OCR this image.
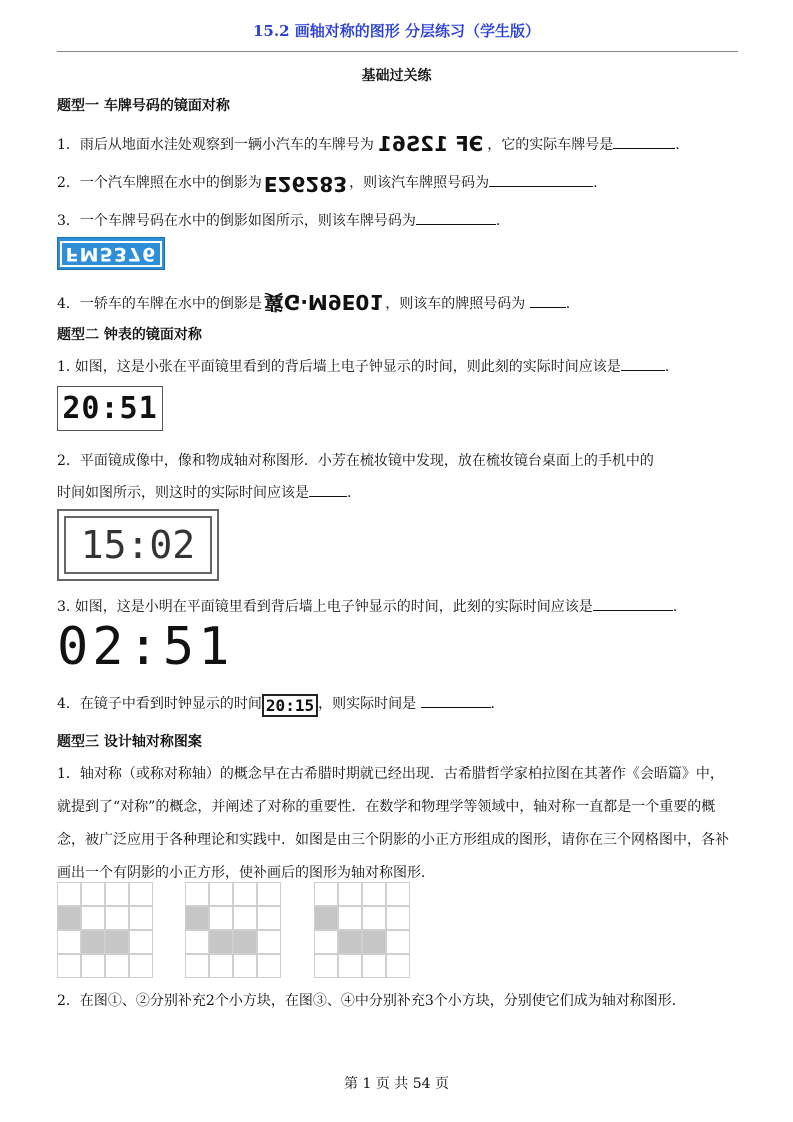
15.2 画轴对称的图形 分层练习（学生版）
基础过关练
题型一 车牌号码的镜面对称
1．雨后从地面水洼处观察到一辆小汽车的车牌号为 ЭF 12S61 ，它的实际车牌号是	.
2．一个汽车牌照在水中的倒影为 E26283 ，则该汽车牌照号码为	.
3．一个车牌号码在水中的倒影如图所示，则该车牌号码为	.
FM5376
4．一轿车的车牌在水中的倒影是 冀G·M9E01 ，则该车的牌照号码为	.
题型二 钟表的镜面对称
1. 如图，这是小张在平面镜里看到的背后墙上电子钟显示的时间，则此刻的实际时间应该是	.
20:51
2．平面镜成像中，像和物成轴对称图形．小芳在梳妆镜中发现，放在梳妆镜台桌面上的手机中的
时间如图所示，则这时的实际时间应该是	.
15:02
3. 如图，这是小明在平面镜里看到背后墙上电子钟显示的时间，此刻的实际时间应该是	.
02:51
4．在镜子中看到时钟显示的时间 20:15 ，则实际时间是	.
题型三 设计轴对称图案
1．轴对称（或称对称轴）的概念早在古希腊时期就已经出现．古希腊哲学家柏拉图在其著作《会晤篇》中，就提到了“对称”的概念，并阐述了对称的重要性．在数学和物理学等领域中，轴对称一直都是一个重要的概念，被广泛应用于各种理论和实践中．如图是由三个阴影的小正方形组成的图形，请你在三个网格图中，各补画出一个有阴影的小正方形，使补画后的图形为轴对称图形．
2．在图①、②分别补充2个小方块，在图③、④中分别补充3个小方块，分别使它们成为轴对称图形．
第 1 页 共 54 页
